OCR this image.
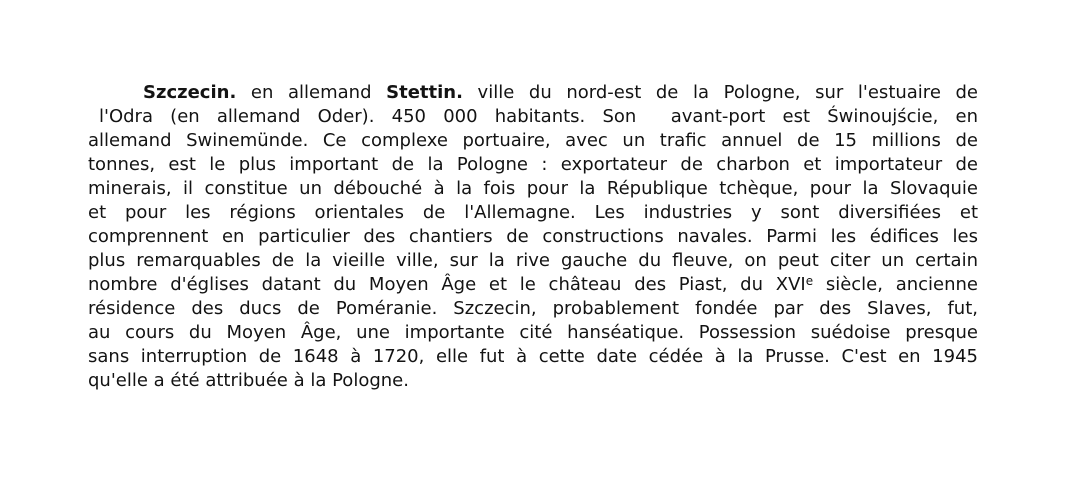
Szczecin. en allemand Stettin. ville du nord-est de la Pologne, sur l'estuaire de
l'Odra (en allemand Oder). 450 000 habitants. Son  avant-port est Świnoujście, en
allemand Swinemünde. Ce complexe portuaire, avec un trafic annuel de 15 millions de
tonnes, est le plus important de la Pologne : exportateur de charbon et importateur de
minerais, il constitue un débouché à la fois pour la République tchèque, pour la Slovaquie
et pour les régions orientales de l'Allemagne. Les industries y sont diversifiées et
comprennent en particulier des chantiers de constructions navales. Parmi les édifices les
plus remarquables de la vieille ville, sur la rive gauche du fleuve, on peut citer un certain
nombre d'églises datant du Moyen Âge et le château des Piast, du XVIe siècle, ancienne
résidence des ducs de Poméranie. Szczecin, probablement fondée par des Slaves, fut,
au cours du Moyen Âge, une importante cité hanséatique. Possession suédoise presque
sans interruption de 1648 à 1720, elle fut à cette date cédée à la Prusse. C'est en 1945
qu'elle a été attribuée à la Pologne.
